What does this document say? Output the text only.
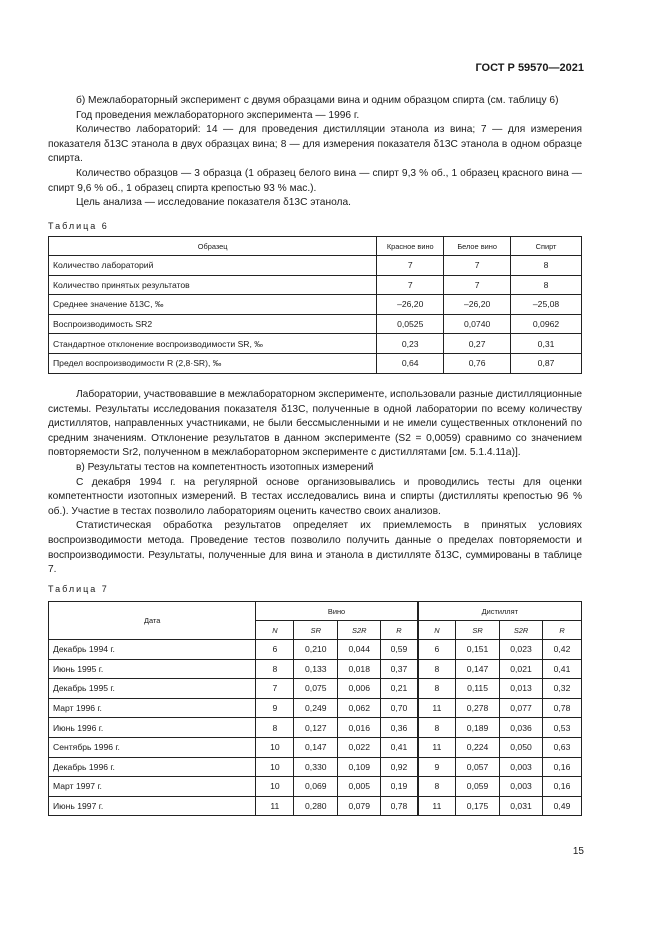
ГОСТ Р 59570—2021

б) Межлабораторный эксперимент с двумя образцами вина и одним образцом спирта (см. таблицу 6)

Год проведения межлабораторного эксперимента — 1996 г.

Количество лабораторий: 14 — для проведения дистилляции этанола из вина; 7 — для измерения показателя δ13C этанола в двух образцах вина; 8 — для измерения показателя δ13C этанола в одном образце спирта.

Количество образцов — 3 образца (1 образец белого вина — спирт 9,3 % об., 1 образец красного вина — спирт 9,6 % об., 1 образец спирта крепостью 93 % мас.).

Цель анализа — исследование показателя δ13C этанола.

Таблица 6
Образец	Красное вино	Белое вино	Спирт
Количество лабораторий	7	7	8
Количество принятых результатов	7	7	8
Среднее значение δ13C, ‰	–26,20	–26,20	–25,08
Воспроизводимость SR2	0,0525	0,0740	0,0962
Стандартное отклонение воспроизводимости SR, ‰	0,23	0,27	0,31
Предел воспроизводимости R (2,8·SR), ‰	0,64	0,76	0,87

Лаборатории, участвовавшие в межлабораторном эксперименте, использовали разные дистилляционные системы. Результаты исследования показателя δ13C, полученные в одной лаборатории по всему количеству дистиллятов, направленных участниками, не были бессмысленными и не имели существенных отклонений по средним значениям. Отклонение результатов в данном эксперименте (S2 = 0,0059) сравнимо со значением повторяемости Sr2, полученном в межлабораторном эксперименте с дистиллятами [см. 5.1.4.11а)].

в) Результаты тестов на компетентность изотопных измерений

С декабря 1994 г. на регулярной основе организовывались и проводились тесты для оценки компетентности изотопных измерений. В тестах исследовались вина и спирты (дистилляты крепостью 96 % об.). Участие в тестах позволило лабораториям оценить качество своих анализов.

Статистическая обработка результатов определяет их приемлемость в принятых условиях воспроизводимости метода. Проведение тестов позволило получить данные о пределах повторяемости и воспроизводимости. Результаты, полученные для вина и этанола в дистилляте δ13C, суммированы в таблице 7.

Таблица 7
Дата	Вино				Дистиллят			
	N	SR	S2R	R	N	SR	S2R	R
Декабрь 1994 г.	6	0,210	0,044	0,59	6	0,151	0,023	0,42
Июнь 1995 г.	8	0,133	0,018	0,37	8	0,147	0,021	0,41
Декабрь 1995 г.	7	0,075	0,006	0,21	8	0,115	0,013	0,32
Март 1996 г.	9	0,249	0,062	0,70	11	0,278	0,077	0,78
Июнь 1996 г.	8	0,127	0,016	0,36	8	0,189	0,036	0,53
Сентябрь 1996 г.	10	0,147	0,022	0,41	11	0,224	0,050	0,63
Декабрь 1996 г.	10	0,330	0,109	0,92	9	0,057	0,003	0,16
Март 1997 г.	10	0,069	0,005	0,19	8	0,059	0,003	0,16
Июнь 1997 г.	11	0,280	0,079	0,78	11	0,175	0,031	0,49
15
